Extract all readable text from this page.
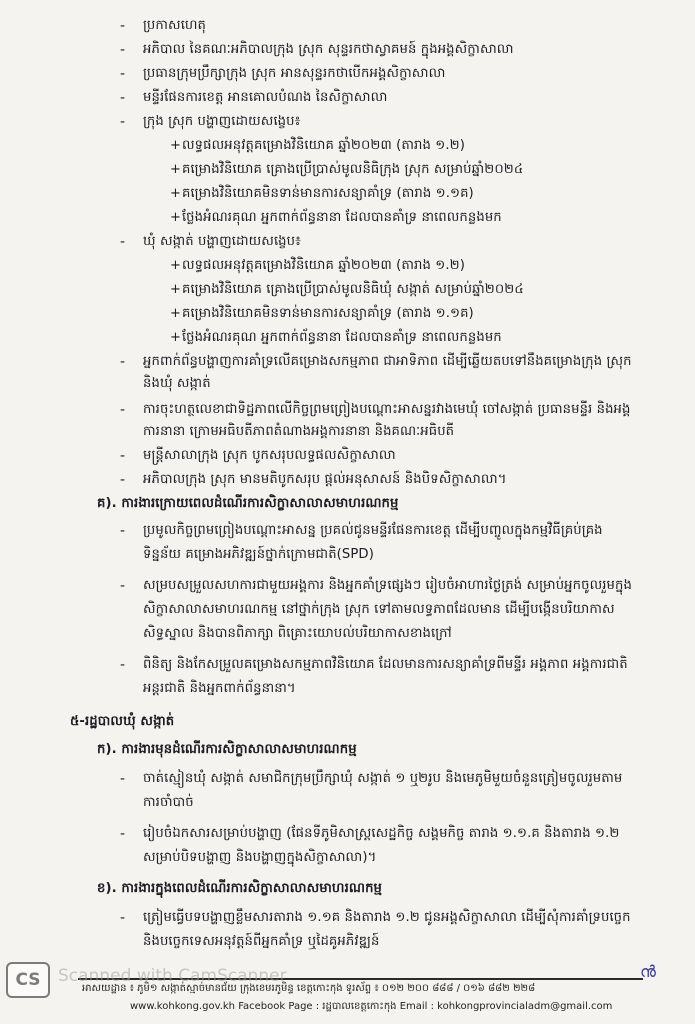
- ប្រកាសហេតុ
- អភិបាល នៃគណៈអភិបាលក្រុង ស្រុក សុន្ទរកថាស្វាគមន៍ ក្នុងអង្គសិក្ខាសាលា
- ប្រធានក្រុមប្រឹក្សាក្រុង ស្រុក អានសុន្ទរកថាបើកអង្គសិក្ខាសាលា
- មន្ទីរផែនការខេត្ត អានគោលបំណង នៃសិក្ខាសាលា
- ក្រុង ស្រុក បង្ហាញដោយសង្ខេប៖
+ លទ្ធផលអនុវត្តគម្រោងវិនិយោគ ឆ្នាំ២០២៣ (តារាង ១.២)
+ គម្រោងវិនិយោគ គ្រោងប្រើប្រាស់មូលនិធិក្រុង ស្រុក សម្រាប់ឆ្នាំ២០២៤
+ គម្រោងវិនិយោគមិនទាន់មានការសន្យាគាំទ្រ (តារាង ១.១គ)
+ ថ្លែងអំណរគុណ អ្នកពាក់ព័ន្ធនានា ដែលបានគាំទ្រ នាពេលកន្លងមក
- ឃុំ សង្កាត់ បង្ហាញដោយសង្ខេប៖
+ លទ្ធផលអនុវត្តគម្រោងវិនិយោគ ឆ្នាំ២០២៣ (តារាង ១.២)
+ គម្រោងវិនិយោគ គ្រោងប្រើប្រាស់មូលនិធិឃុំ សង្កាត់ សម្រាប់ឆ្នាំ២០២៤
+ គម្រោងវិនិយោគមិនទាន់មានការសន្យាគាំទ្រ (តារាង ១.១គ)
+ ថ្លែងអំណរគុណ អ្នកពាក់ព័ន្ធនានា ដែលបានគាំទ្រ នាពេលកន្លងមក
- អ្នកពាក់ព័ន្ធបង្ហាញការគាំទ្រលើគម្រោងសកម្មភាព ជាអាទិភាព ដើម្បីឆ្លើយតបទៅនឹងគម្រោងក្រុង ស្រុក
និងឃុំ សង្កាត់
- ការចុះហត្ថលេខាជាទិដ្ឋភាពលើកិច្ចព្រមព្រៀងបណ្ដោះអាសន្នរវាងមេឃុំ ចៅសង្កាត់ ប្រធានមន្ទីរ និងអង្គ
ការនានា ក្រោមអធិបតីភាពតំណាងអង្គការនានា និងគណៈអធិបតី
- មន្ត្រីសាលាក្រុង ស្រុក បូកសរុបលទ្ធផលសិក្ខាសាលា
- អភិបាលក្រុង ស្រុក មានមតិបូកសរុប ផ្ដល់អនុសាសន៍ និងបិទសិក្ខាសាលា។
គ). ការងារក្រោយពេលដំណើរការសិក្ខាសាលាសមាហរណកម្ម
- ប្រមូលកិច្ចព្រមព្រៀងបណ្តោះអាសន្ន ប្រគល់ជូនមន្ទីរផែនការខេត្ត ដើម្បីបញ្ចូលក្នុងកម្មវិធីគ្រប់គ្រង
ទិន្នន័យ គម្រោងអភិវឌ្ឍន៍ថ្នាក់ក្រោមជាតិ(SPD)
- សម្របសម្រួលសហការជាមួយអង្គការ និងអ្នកគាំទ្រផ្សេងៗ រៀបចំអាហារថ្ងៃត្រង់ សម្រាប់អ្នកចូលរួមក្នុង
សិក្ខាសាលាសមាហរណកម្ម នៅថ្នាក់ក្រុង ស្រុក ទៅតាមលទ្ធភាពដែលមាន ដើម្បីបង្កើនបរិយាកាស
សិទ្ធស្នាល និងបានពិភាក្សា ពិគ្រោះយោបល់បរិយាកាសខាងក្រៅ
- ពិនិត្យ និងកែសម្រួលគម្រោងសកម្មភាពវិនិយោគ ដែលមានការសន្យាគាំទ្រពីមន្ទីរ អង្គភាព អង្គការជាតិ
អន្តរជាតិ និងអ្នកពាក់ព័ន្ធនានា។
៥-រដ្ឋបាលឃុំ សង្កាត់
ក). ការងារមុនដំណើរការសិក្ខាសាលាសមាហរណកម្ម
- ចាត់ស្មៀនឃុំ សង្កាត់ សមាជិកក្រុមប្រឹក្សាឃុំ សង្កាត់ ១ ឬ២រូប និងមេភូមិមួយចំនួនត្រៀមចូលរួមតាម
ការចាំបាច់
- រៀបចំឯកសារសម្រាប់បង្ហាញ (ផែនទីភូមិសាស្ត្រសេដ្ឋកិច្ច សង្គមកិច្ច តារាង ១.១.គ និងតារាង ១.២
សម្រាប់បិទបង្ហាញ និងបង្ហាញក្នុងសិក្ខាសាលា)។
ខ). ការងារក្នុងពេលដំណើរការសិក្ខាសាលាសមាហរណកម្ម
- ត្រៀមធ្វើបទបង្ហាញខ្លឹមសារតារាង ១.១គ និងតារាង ១.២ ជូនអង្គសិក្ខាសាលា ដើម្បីសុំការគាំទ្របច្ចេក
និងបច្ចេកទេសអនុវត្តន៍ពីអ្នកគាំទ្រ ឬដៃគូអភិវឌ្ឍន៍
អាសយដ្ឋាន ៖ ភូមិ១ សង្កាត់ស្មាច់មានជ័យ ក្រុងខេមរភូមិន្ទ ខេត្តកោះកុង ទូរស័ព្ទ ៖ ០១២ ២០០ ៨៨៨ / ០១៦ ៨៨២ ២២៨
www.kohkong.gov.kh Facebook Page : រដ្ឋបាលខេត្តកោះកុង Email : kohkongprovincialadm@gmail.com
CS	Scanned with CamScanner	ൻ
